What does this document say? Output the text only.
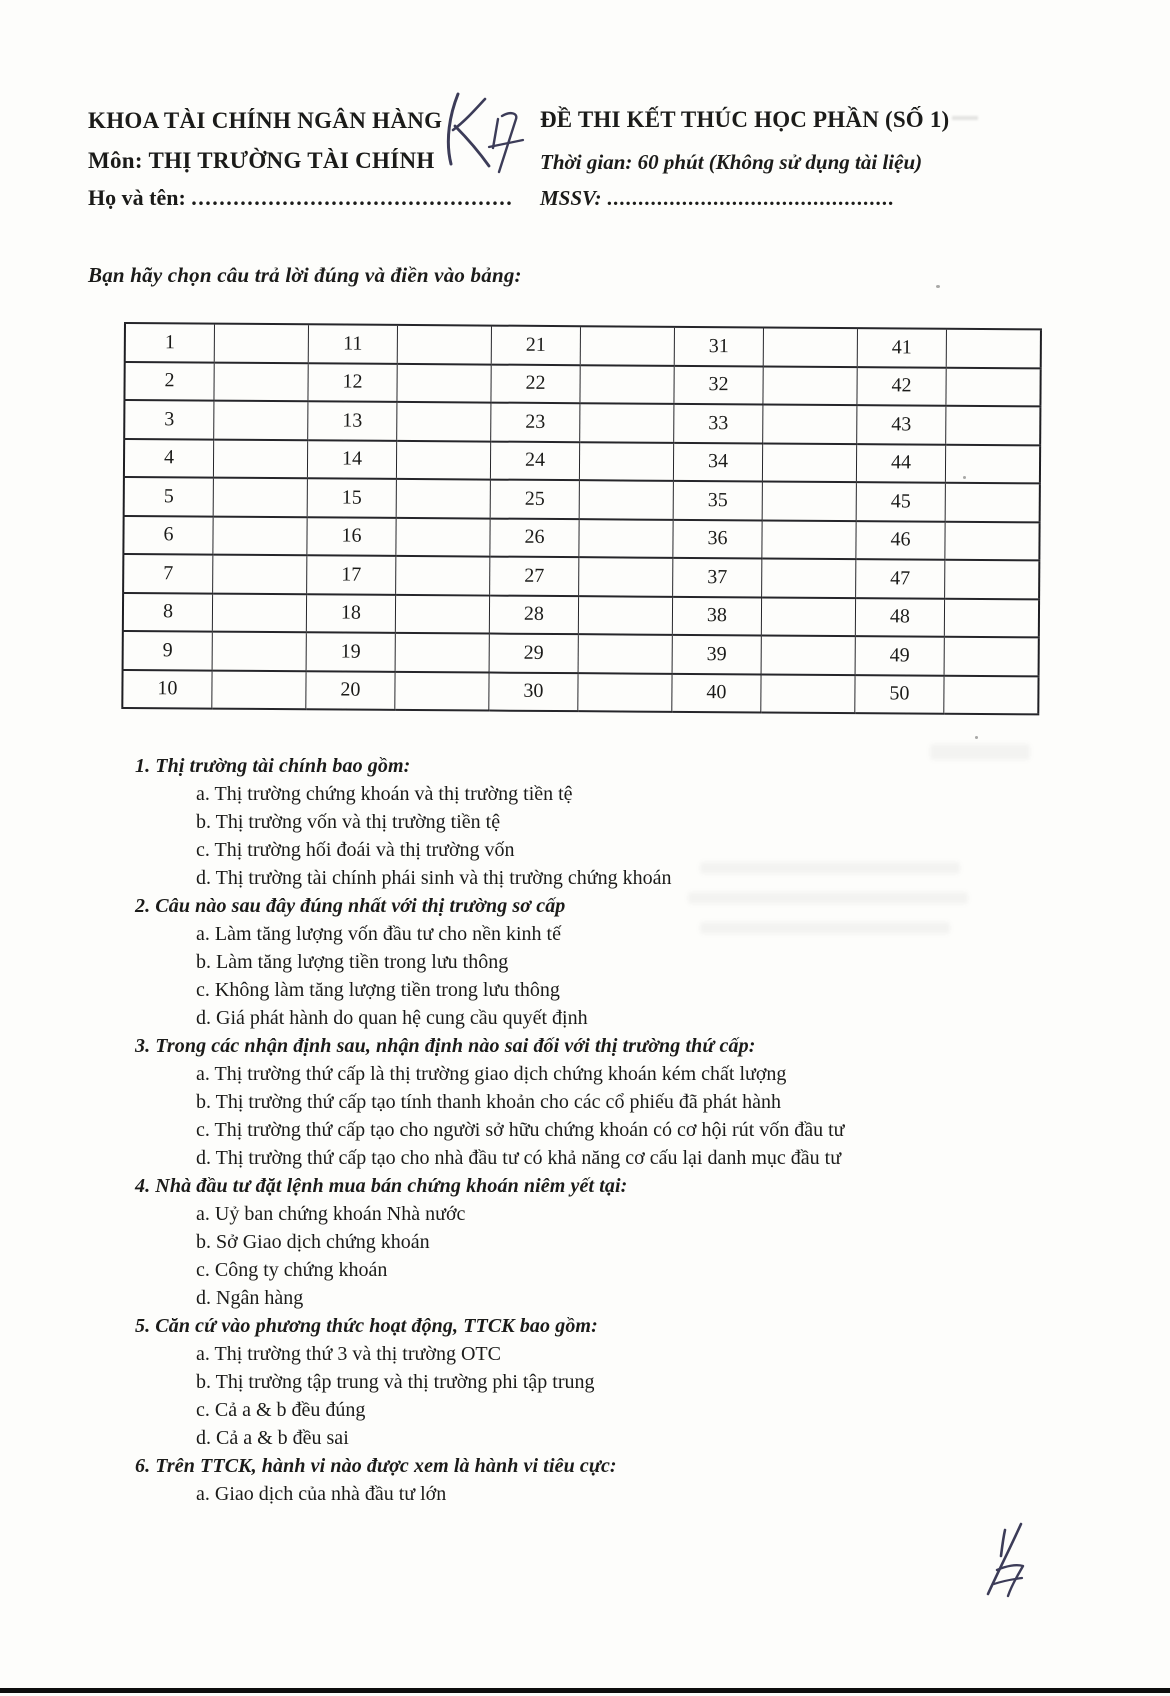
KHOA TÀI CHÍNH NGÂN HÀNG	ĐỀ THI KẾT THÚC HỌC PHẦN (SỐ 1)
Môn: THỊ TRƯỜNG TÀI CHÍNH	Thời gian: 60 phút (Không sử dụng tài liệu)
Họ và tên: .............................................. MSSV: ..............................................
Bạn hãy chọn câu trả lời đúng và điền vào bảng:
1		11		21		31		41	
2		12		22		32		42	
3		13		23		33		43	
4		14		24		34		44	
5		15		25		35		45	
6		16		26		36		46	
7		17		27		37		47	
8		18		28		38		48	
9		19		29		39		49	
10		20		30		40		50	
1. Thị trường tài chính bao gồm:
a. Thị trường chứng khoán và thị trường tiền tệ
b. Thị trường vốn và thị trường tiền tệ
c. Thị trường hối đoái và thị trường vốn
d. Thị trường tài chính phái sinh và thị trường chứng khoán
2. Câu nào sau đây đúng nhất với thị trường sơ cấp
a. Làm tăng lượng vốn đầu tư cho nền kinh tế
b. Làm tăng lượng tiền trong lưu thông
c. Không làm tăng lượng tiền trong lưu thông
d. Giá phát hành do quan hệ cung cầu quyết định
3. Trong các nhận định sau, nhận định nào sai đối với thị trường thứ cấp:
a. Thị trường thứ cấp là thị trường giao dịch chứng khoán kém chất lượng
b. Thị trường thứ cấp tạo tính thanh khoản cho các cổ phiếu đã phát hành
c. Thị trường thứ cấp tạo cho người sở hữu chứng khoán có cơ hội rút vốn đầu tư
d. Thị trường thứ cấp tạo cho nhà đầu tư có khả năng cơ cấu lại danh mục đầu tư
4. Nhà đầu tư đặt lệnh mua bán chứng khoán niêm yết tại:
a. Uỷ ban chứng khoán Nhà nước
b. Sở Giao dịch chứng khoán
c. Công ty chứng khoán
d. Ngân hàng
5. Căn cứ vào phương thức hoạt động, TTCK bao gồm:
a. Thị trường thứ 3 và thị trường OTC
b. Thị trường tập trung và thị trường phi tập trung
c. Cả a & b đều đúng
d. Cả a & b đều sai
6. Trên TTCK, hành vi nào được xem là hành vi tiêu cực:
a. Giao dịch của nhà đầu tư lớn
